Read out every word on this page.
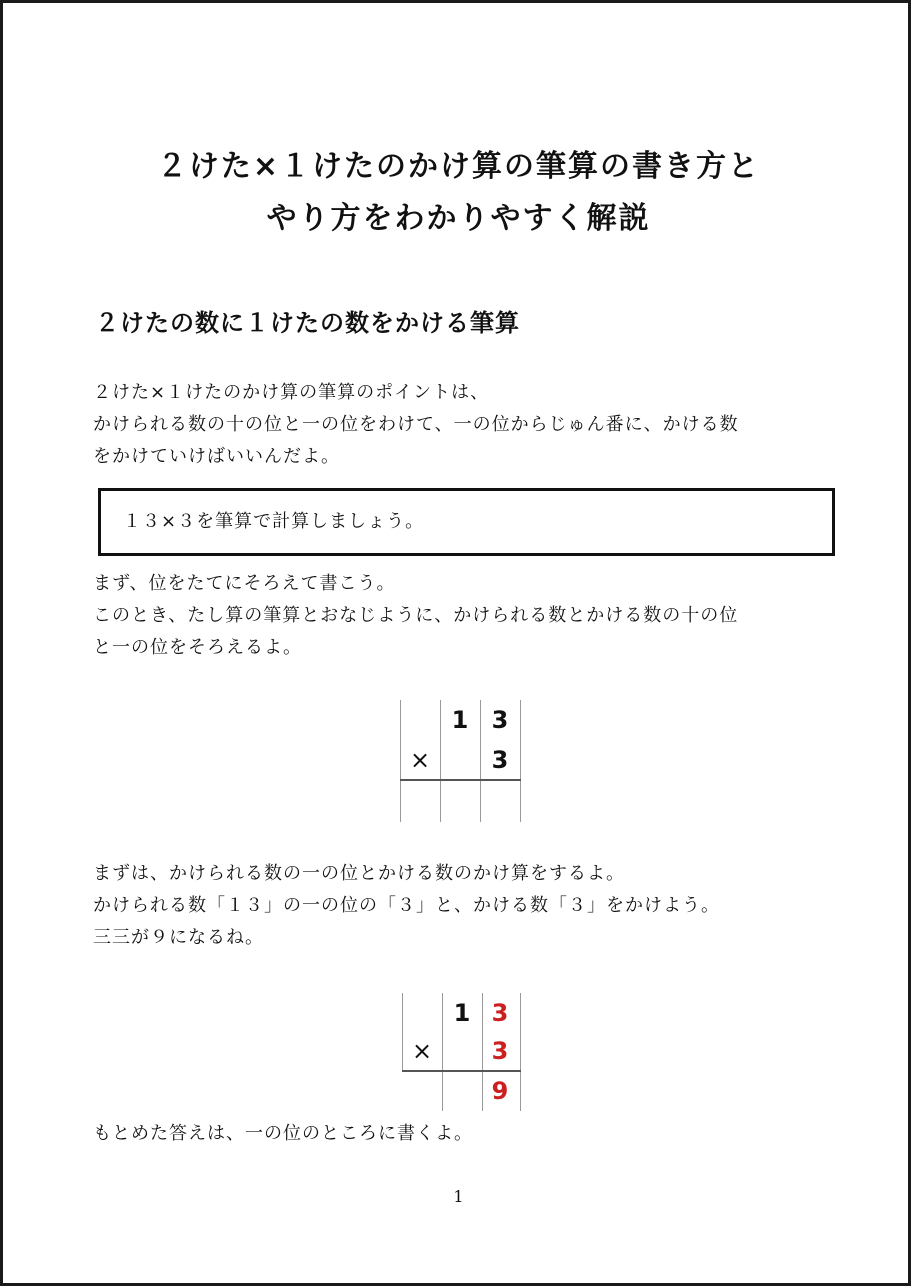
２けた×１けたのかけ算の筆算の書き方と
やり方をわかりやすく解説
２けたの数に１けたの数をかける筆算
２けた×１けたのかけ算の筆算のポイントは、
かけられる数の十の位と一の位をわけて、一の位からじゅん番に、かける数
をかけていけばいいんだよ。
１３×３を筆算で計算しましょう。
まず、位をたてにそろえて書こう。
このとき、たし算の筆算とおなじように、かけられる数とかける数の十の位
と一の位をそろえるよ。
1 3
×	3
まずは、かけられる数の一の位とかける数のかけ算をするよ。
かけられる数「１３」の一の位の「３」と、かける数「３」をかけよう。
三三が９になるね。
1 3
×	3
9
もとめた答えは、一の位のところに書くよ。
1
